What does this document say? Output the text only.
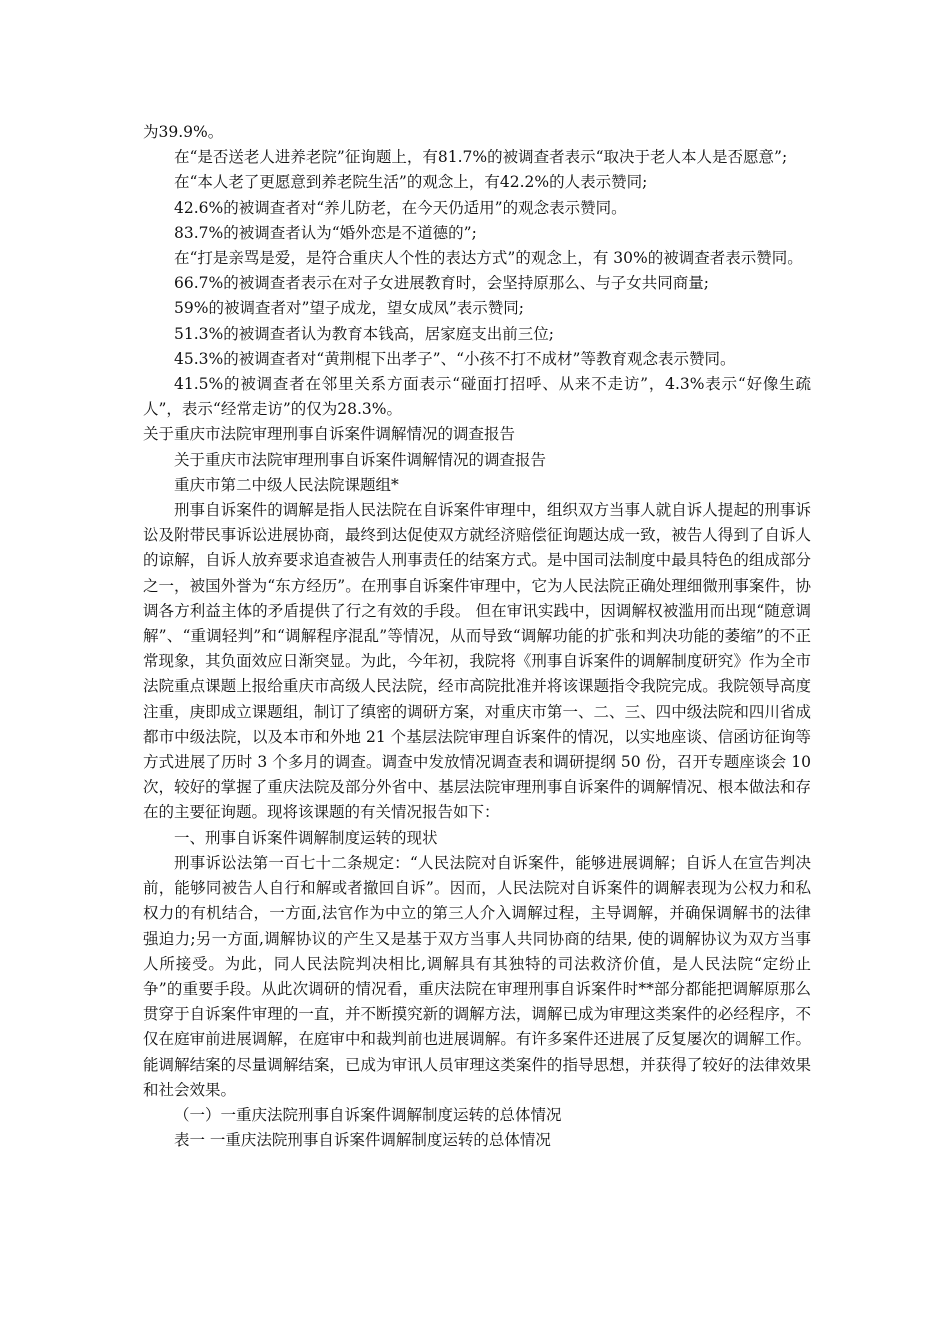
为39.9%。

在“是否送老人进养老院”征询题上，有81.7%的被调查者表示“取决于老人本人是否愿意”;

在“本人老了更愿意到养老院生活”的观念上，有42.2%的人表示赞同;

42.6%的被调查者对“养儿防老，在今天仍适用”的观念表示赞同。

83.7%的被调查者认为“婚外恋是不道德的”;

在“打是亲骂是爱，是符合重庆人个性的表达方式”的观念上，有 30%的被调查者表示赞同。

66.7%的被调查者表示在对子女进展教育时，会坚持原那么、与子女共同商量;

59%的被调查者对”望子成龙，望女成凤”表示赞同;

51.3%的被调查者认为教育本钱高，居家庭支出前三位;

45.3%的被调查者对“黄荆棍下出孝子”、“小孩不打不成材”等教育观念表示赞同。

41.5%的被调查者在邻里关系方面表示“碰面打招呼、从来不走访”，4.3%表示“好像生疏人”，表示“经常走访”的仅为28.3%。

关于重庆市法院审理刑事自诉案件调解情况的调查报告

关于重庆市法院审理刑事自诉案件调解情况的调查报告

重庆市第二中级人民法院课题组*

刑事自诉案件的调解是指人民法院在自诉案件审理中，组织双方当事人就自诉人提起的刑事诉讼及附带民事诉讼进展协商，最终到达促使双方就经济赔偿征询题达成一致，被告人得到了自诉人的谅解，自诉人放弃要求追查被告人刑事责任的结案方式。是中国司法制度中最具特色的组成部分之一，被国外誉为“东方经历”。在刑事自诉案件审理中，它为人民法院正确处理细微刑事案件，协调各方利益主体的矛盾提供了行之有效的手段。 但在审讯实践中，因调解权被滥用而出现“随意调解”、“重调轻判”和“调解程序混乱”等情况，从而导致“调解功能的扩张和判决功能的萎缩”的不正常现象，其负面效应日渐突显。为此，今年初，我院将《刑事自诉案件的调解制度研究》作为全市法院重点课题上报给重庆市高级人民法院，经市高院批准并将该课题指令我院完成。我院领导高度注重，庚即成立课题组，制订了缜密的调研方案，对重庆市第一、二、三、四中级法院和四川省成都市中级法院，以及本市和外地 21 个基层法院审理自诉案件的情况，以实地座谈、信函访征询等方式进展了历时 3 个多月的调查。调查中发放情况调查表和调研提纲 50 份，召开专题座谈会 10 次，较好的掌握了重庆法院及部分外省中、基层法院审理刑事自诉案件的调解情况、根本做法和存在的主要征询题。现将该课题的有关情况报告如下：

一、刑事自诉案件调解制度运转的现状

刑事诉讼法第一百七十二条规定：“人民法院对自诉案件，能够进展调解；自诉人在宣告判决前，能够同被告人自行和解或者撤回自诉”。因而，人民法院对自诉案件的调解表现为公权力和私权力的有机结合，一方面,法官作为中立的第三人介入调解过程，主导调解，并确保调解书的法律强迫力;另一方面,调解协议的产生又是基于双方当事人共同协商的结果, 使的调解协议为双方当事人所接受。为此，同人民法院判决相比,调解具有其独特的司法救济价值，是人民法院“定纷止争”的重要手段。从此次调研的情况看，重庆法院在审理刑事自诉案件时**部分都能把调解原那么贯穿于自诉案件审理的一直，并不断摸究新的调解方法，调解已成为审理这类案件的必经程序，不仅在庭审前进展调解，在庭审中和裁判前也进展调解。有许多案件还进展了反复屡次的调解工作。能调解结案的尽量调解结案，已成为审讯人员审理这类案件的指导思想，并获得了较好的法律效果和社会效果。

（一）一重庆法院刑事自诉案件调解制度运转的总体情况

表一 一重庆法院刑事自诉案件调解制度运转的总体情况
